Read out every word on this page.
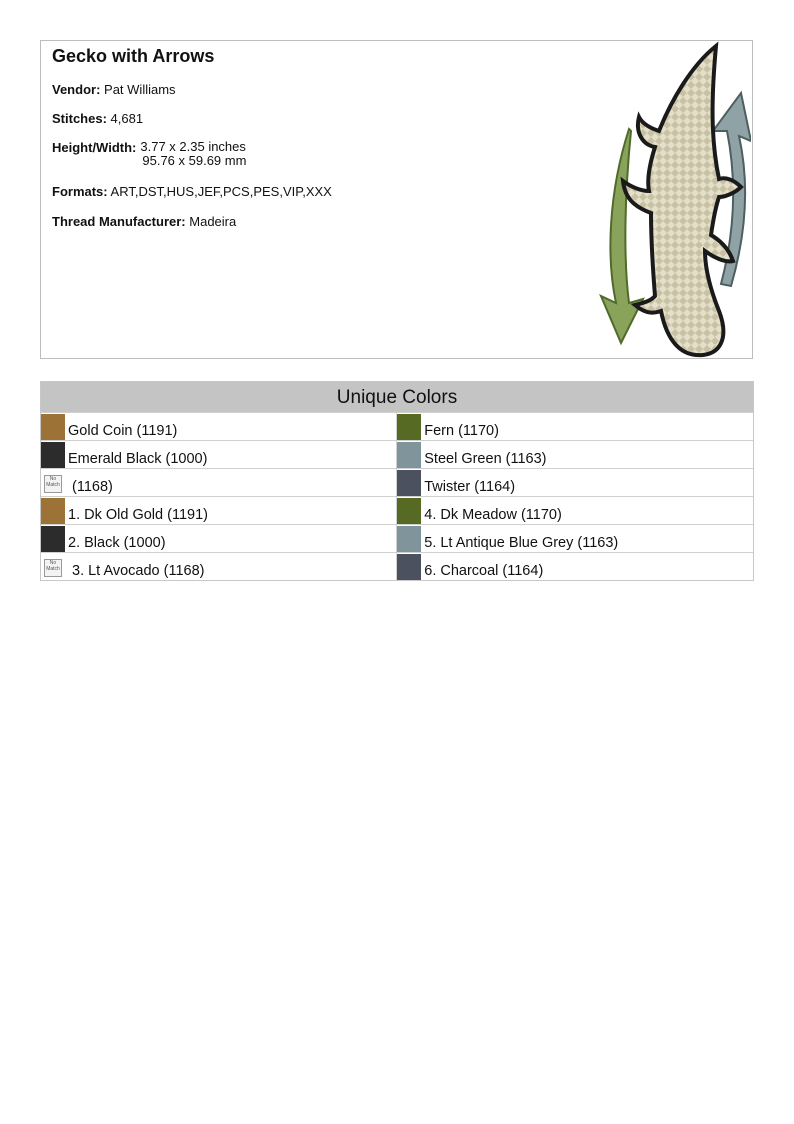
Gecko with Arrows
Vendor: Pat Williams
Stitches: 4,681
Height/Width: 3.77 x 2.35 inches
95.76 x 59.69 mm
Formats: ART,DST,HUS,JEF,PCS,PES,VIP,XXX
Thread Manufacturer: Madeira
Unique Colors
	Gold Coin (1191)		Fern (1170)

	Emerald Black (1000)		Steel Green (1163)

No Match	(1168)		Twister (1164)

	1. Dk Old Gold (1191)		4. Dk Meadow (1170)

	2. Black (1000)		5. Lt Antique Blue Grey (1163)

No Match	3. Lt Avocado (1168)		6. Charcoal (1164)
